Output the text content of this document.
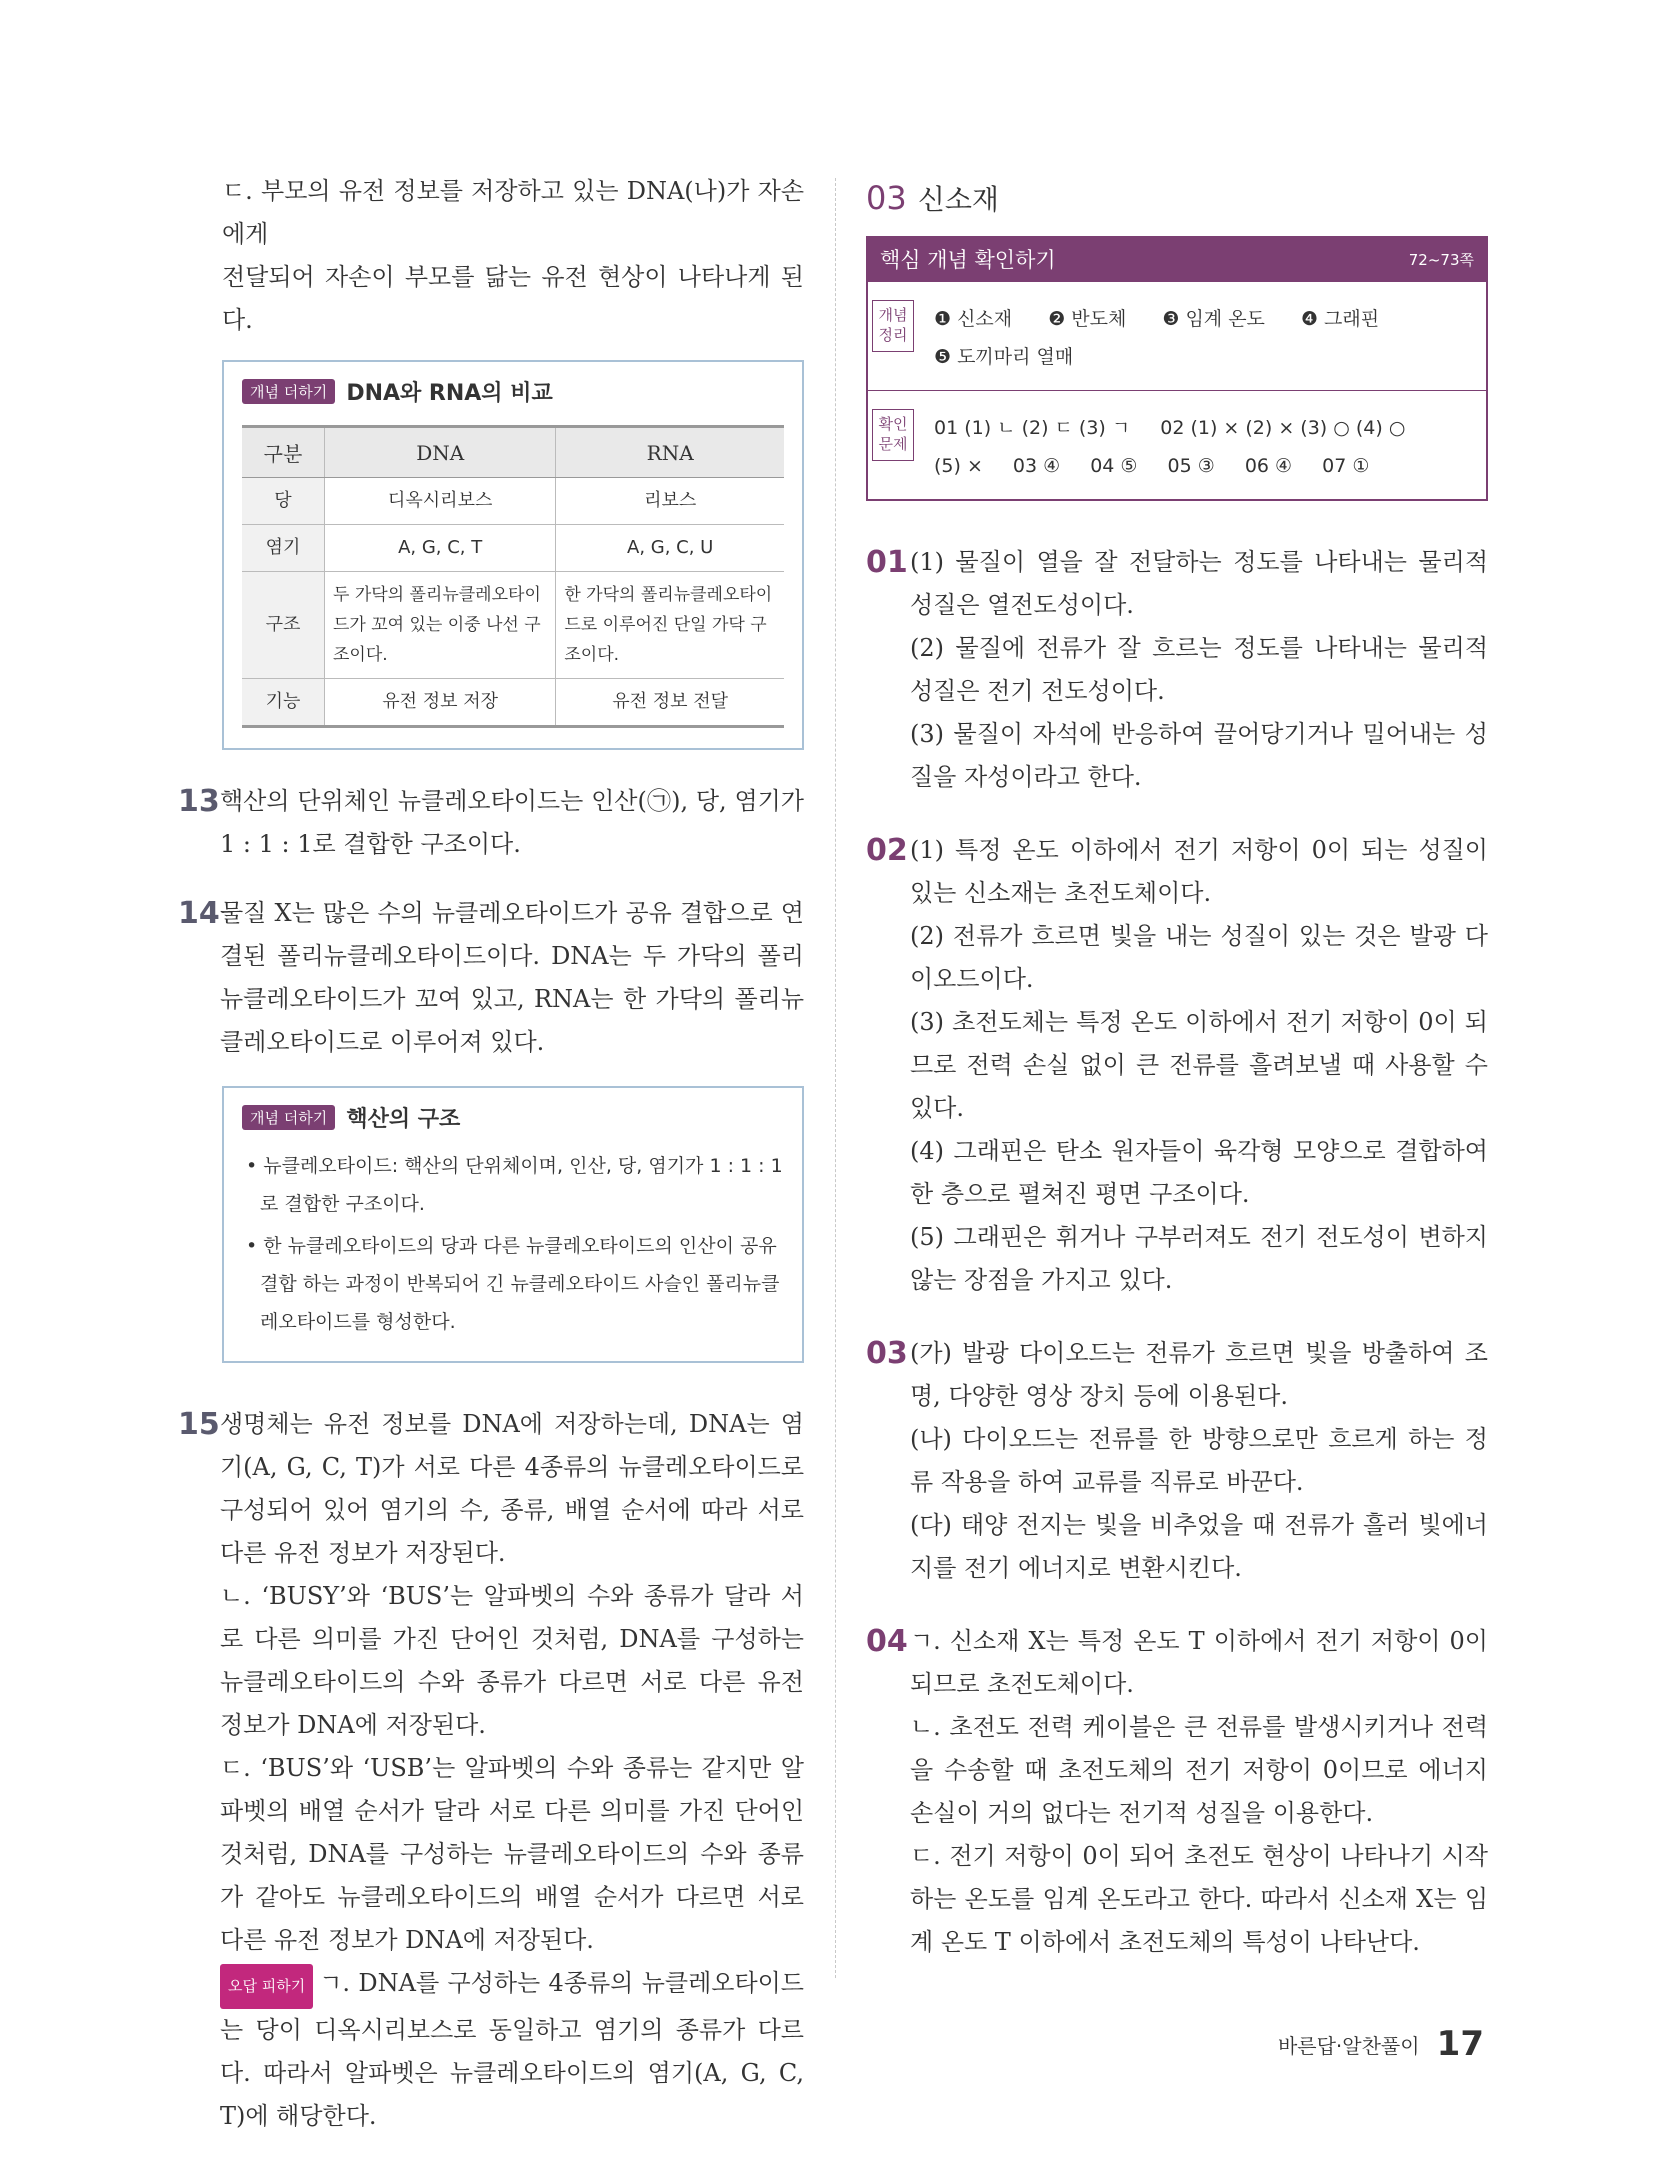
ㄷ. 부모의 유전 정보를 저장하고 있는 DNA(나)가 자손에게

전달되어 자손이 부모를 닮는 유전 현상이 나타나게 된다.

개념 더하기 DNA와 RNA의 비교
구분	DNA	RNA
당	디옥시리보스	리보스
염기	A, G, C, T	A, G, C, U
구조	두 가닥의 폴리뉴클레오타이드가 꼬여 있는 이중 나선 구조이다.	한 가닥의 폴리뉴클레오타이드로 이루어진 단일 가닥 구조이다.
기능	유전 정보 저장	유전 정보 전달
13 핵산의 단위체인 뉴클레오타이드는 인산(㉠), 당, 염기가 1 : 1 : 1로 결합한 구조이다.

14 물질 X는 많은 수의 뉴클레오타이드가 공유 결합으로 연결된 폴리뉴클레오타이드이다. DNA는 두 가닥의 폴리뉴클레오타이드가 꼬여 있고, RNA는 한 가닥의 폴리뉴클레오타이드로 이루어져 있다.

개념 더하기 핵산의 구조

• 뉴클레오타이드: 핵산의 단위체이며, 인산, 당, 염기가 1 : 1 : 1로 결합한 구조이다.

• 한 뉴클레오타이드의 당과 다른 뉴클레오타이드의 인산이 공유 결합 하는 과정이 반복되어 긴 뉴클레오타이드 사슬인 폴리뉴클레오타이드를 형성한다.

15 생명체는 유전 정보를 DNA에 저장하는데, DNA는 염기(A, G, C, T)가 서로 다른 4종류의 뉴클레오타이드로 구성되어 있어 염기의 수, 종류, 배열 순서에 따라 서로 다른 유전 정보가 저장된다.

ㄴ. ‘BUSY’와 ‘BUS’는 알파벳의 수와 종류가 달라 서로 다른 의미를 가진 단어인 것처럼, DNA를 구성하는 뉴클레오타이드의 수와 종류가 다르면 서로 다른 유전 정보가 DNA에 저장된다.

ㄷ. ‘BUS’와 ‘USB’는 알파벳의 수와 종류는 같지만 알파벳의 배열 순서가 달라 서로 다른 의미를 가진 단어인 것처럼, DNA를 구성하는 뉴클레오타이드의 수와 종류가 같아도 뉴클레오타이드의 배열 순서가 다르면 서로 다른 유전 정보가 DNA에 저장된다.

오답 피하기 ㄱ. DNA를 구성하는 4종류의 뉴클레오타이드는 당이 디옥시리보스로 동일하고 염기의 종류가 다르다. 따라서 알파벳은 뉴클레오타이드의 염기(A, G, C, T)에 해당한다.

03 신소재
핵심 개념 확인하기	72~73쪽
개념정리
❶ 신소재 ❷ 반도체 ❸ 임계 온도 ❹ 그래핀
❺ 도끼마리 열매
확인문제
01 (1) ㄴ (2) ㄷ (3) ㄱ 02 (1) × (2) × (3) ○ (4) ○
(5) × 03 ④ 04 ⑤ 05 ③ 06 ④ 07 ①
01 (1) 물질이 열을 잘 전달하는 정도를 나타내는 물리적 성질은 열전도성이다.

(2) 물질에 전류가 잘 흐르는 정도를 나타내는 물리적 성질은 전기 전도성이다.

(3) 물질이 자석에 반응하여 끌어당기거나 밀어내는 성질을 자성이라고 한다.

02 (1) 특정 온도 이하에서 전기 저항이 0이 되는 성질이 있는 신소재는 초전도체이다.

(2) 전류가 흐르면 빛을 내는 성질이 있는 것은 발광 다이오드이다.

(3) 초전도체는 특정 온도 이하에서 전기 저항이 0이 되므로 전력 손실 없이 큰 전류를 흘려보낼 때 사용할 수 있다.

(4) 그래핀은 탄소 원자들이 육각형 모양으로 결합하여 한 층으로 펼쳐진 평면 구조이다.

(5) 그래핀은 휘거나 구부러져도 전기 전도성이 변하지 않는 장점을 가지고 있다.

03 (가) 발광 다이오드는 전류가 흐르면 빛을 방출하여 조명, 다양한 영상 장치 등에 이용된다.

(나) 다이오드는 전류를 한 방향으로만 흐르게 하는 정류 작용을 하여 교류를 직류로 바꾼다.

(다) 태양 전지는 빛을 비추었을 때 전류가 흘러 빛에너지를 전기 에너지로 변환시킨다.

04 ㄱ. 신소재 X는 특정 온도 T 이하에서 전기 저항이 0이 되므로 초전도체이다.

ㄴ. 초전도 전력 케이블은 큰 전류를 발생시키거나 전력을 수송할 때 초전도체의 전기 저항이 0이므로 에너지 손실이 거의 없다는 전기적 성질을 이용한다.

ㄷ. 전기 저항이 0이 되어 초전도 현상이 나타나기 시작하는 온도를 임계 온도라고 한다. 따라서 신소재 X는 임계 온도 T 이하에서 초전도체의 특성이 나타난다.

바른답·알찬풀이 17
